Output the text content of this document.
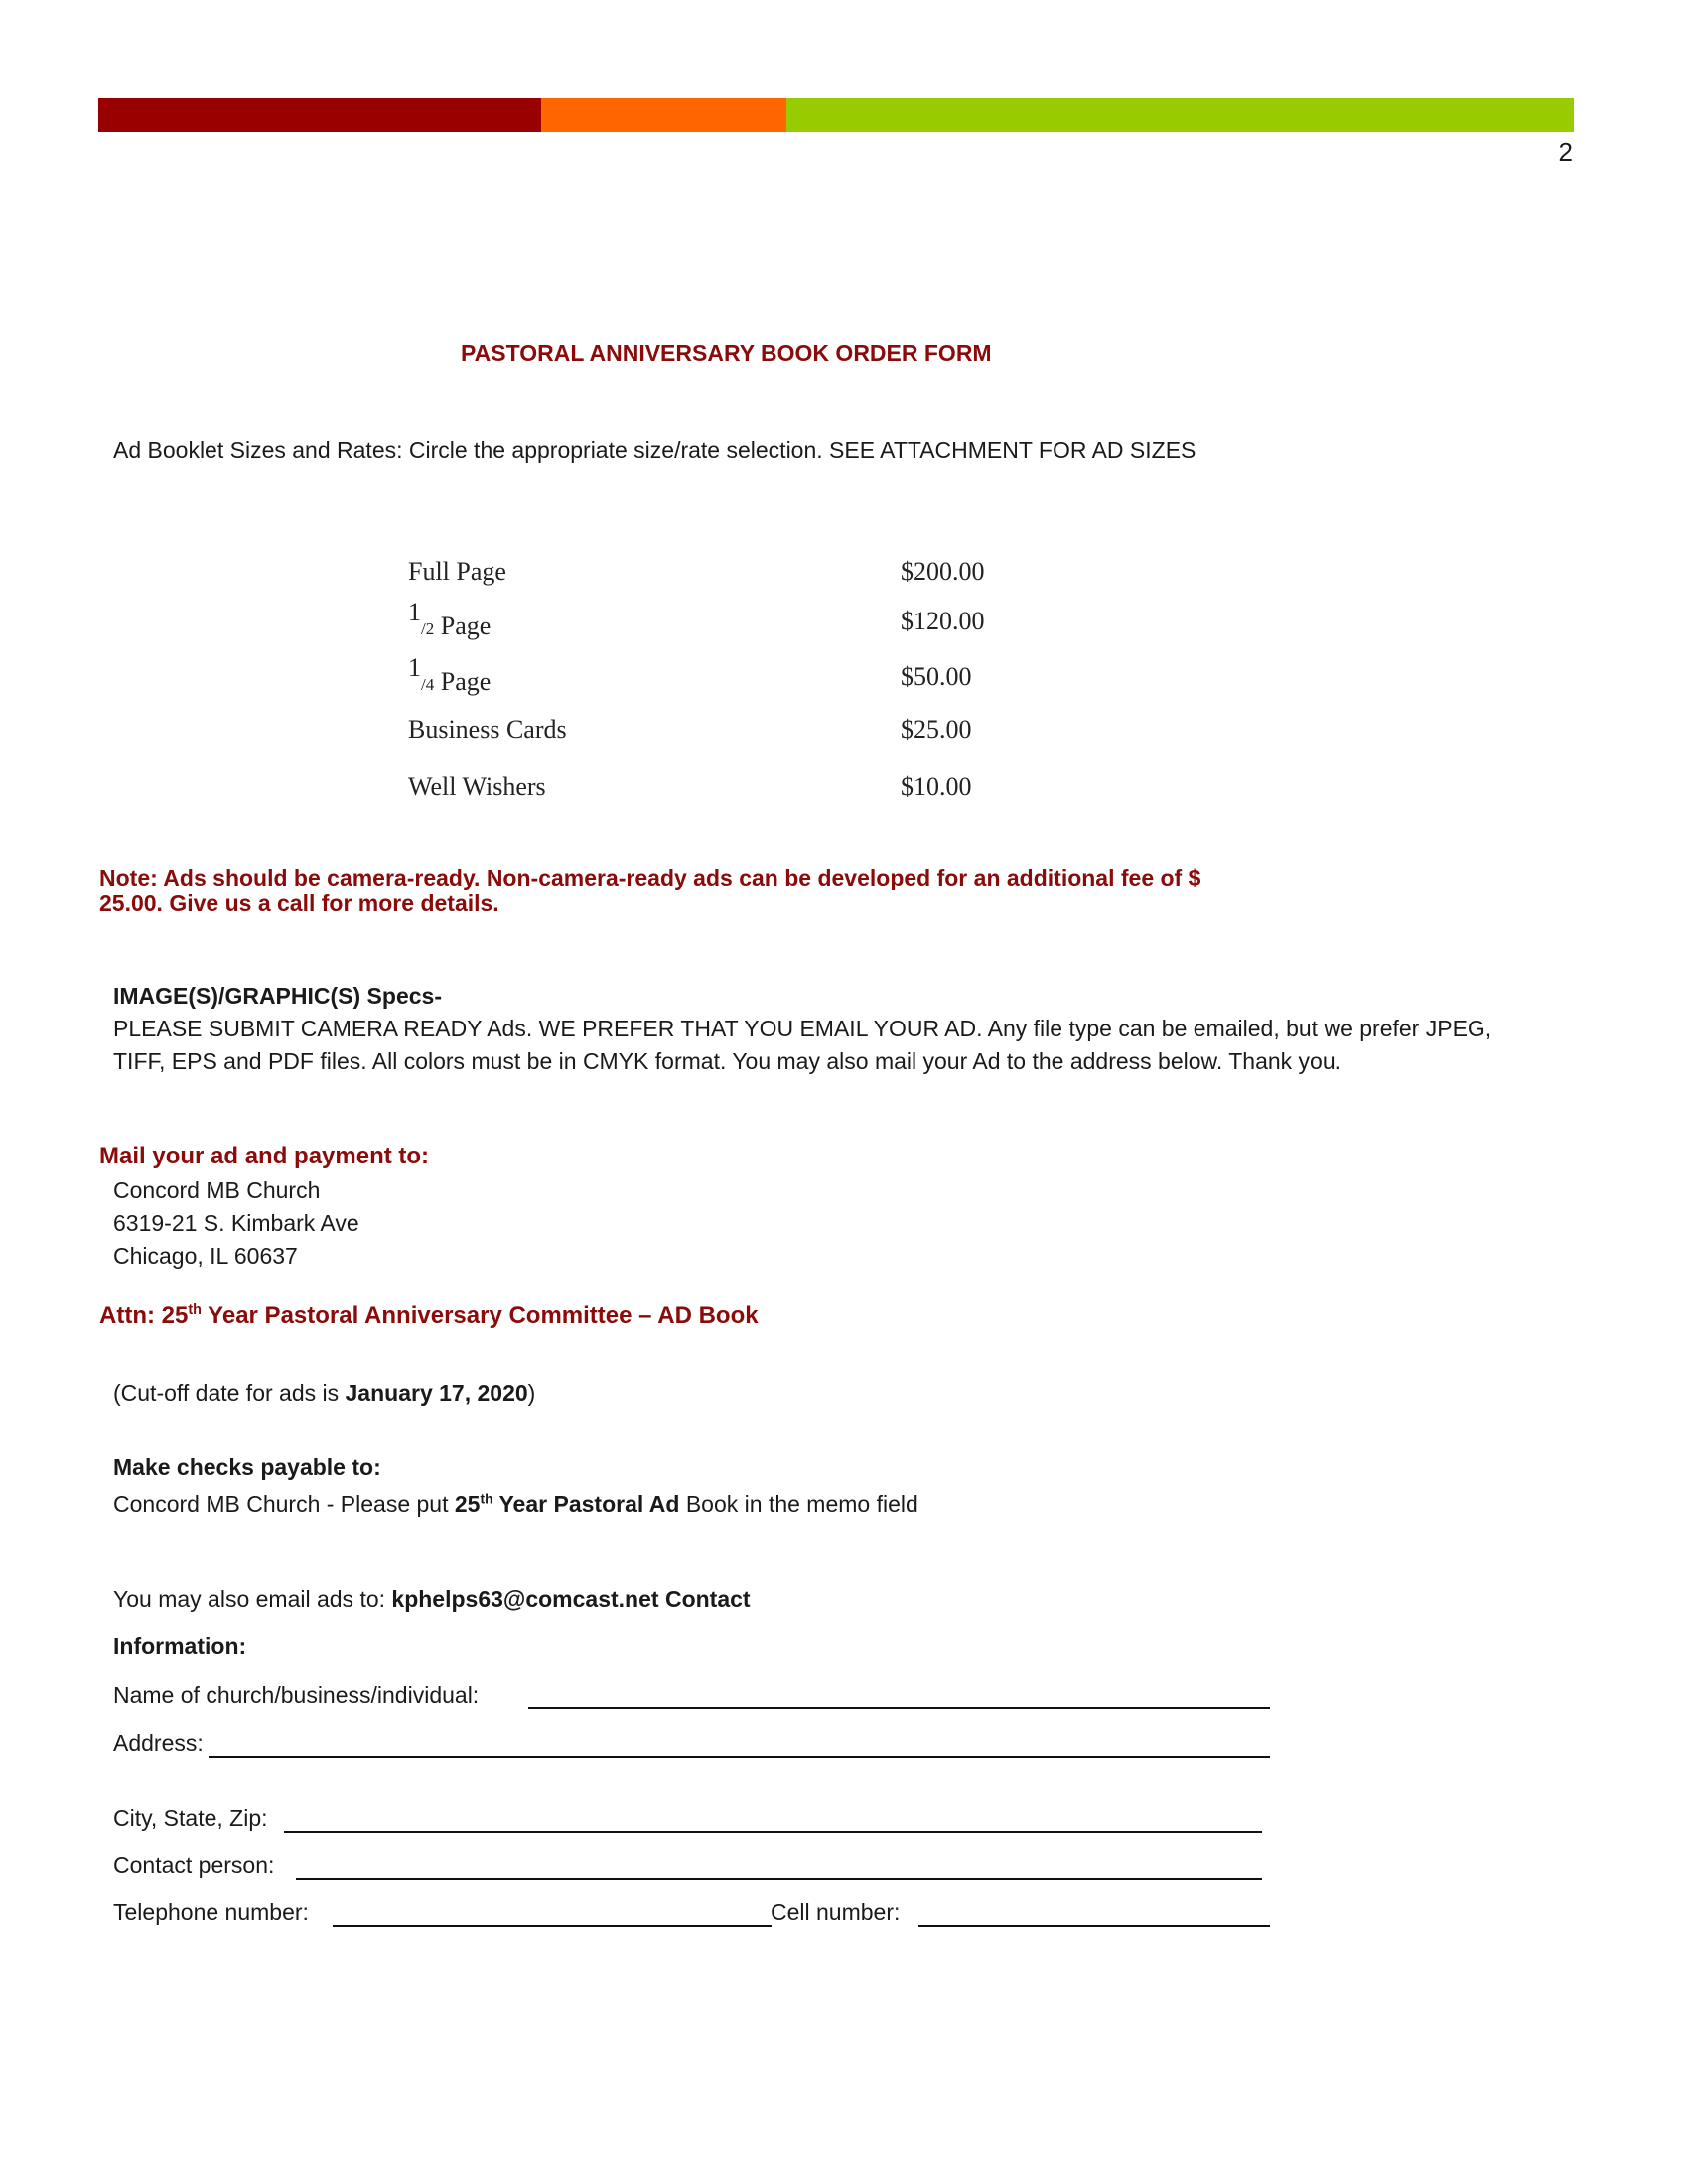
2
PASTORAL ANNIVERSARY BOOK ORDER FORM
Ad Booklet Sizes and Rates: Circle the appropriate size/rate selection. SEE ATTACHMENT FOR AD SIZES
Full Page	$200.00
1/2 Page	$120.00
1/4 Page	$50.00
Business Cards	$25.00
Well Wishers	$10.00
Note: Ads should be camera-ready. Non-camera-ready ads can be developed for an additional fee of $
25.00. Give us a call for more details.
IMAGE(S)/GRAPHIC(S) Specs-
PLEASE SUBMIT CAMERA READY Ads. WE PREFER THAT YOU EMAIL YOUR AD. Any file type can be emailed, but we prefer JPEG,
TIFF, EPS and PDF files. All colors must be in CMYK format. You may also mail your Ad to the address below. Thank you.
Mail your ad and payment to:
Concord MB Church
6319-21 S. Kimbark Ave
Chicago, IL 60637
Attn: 25th Year Pastoral Anniversary Committee – AD Book
(Cut-off date for ads is January 17, 2020)
Make checks payable to:
Concord MB Church - Please put 25th Year Pastoral Ad Book in the memo field
You may also email ads to: kphelps63@comcast.net Contact
Information:
Name of church/business/individual:
Address:
City, State, Zip:
Contact person:
Telephone number:	Cell number:
